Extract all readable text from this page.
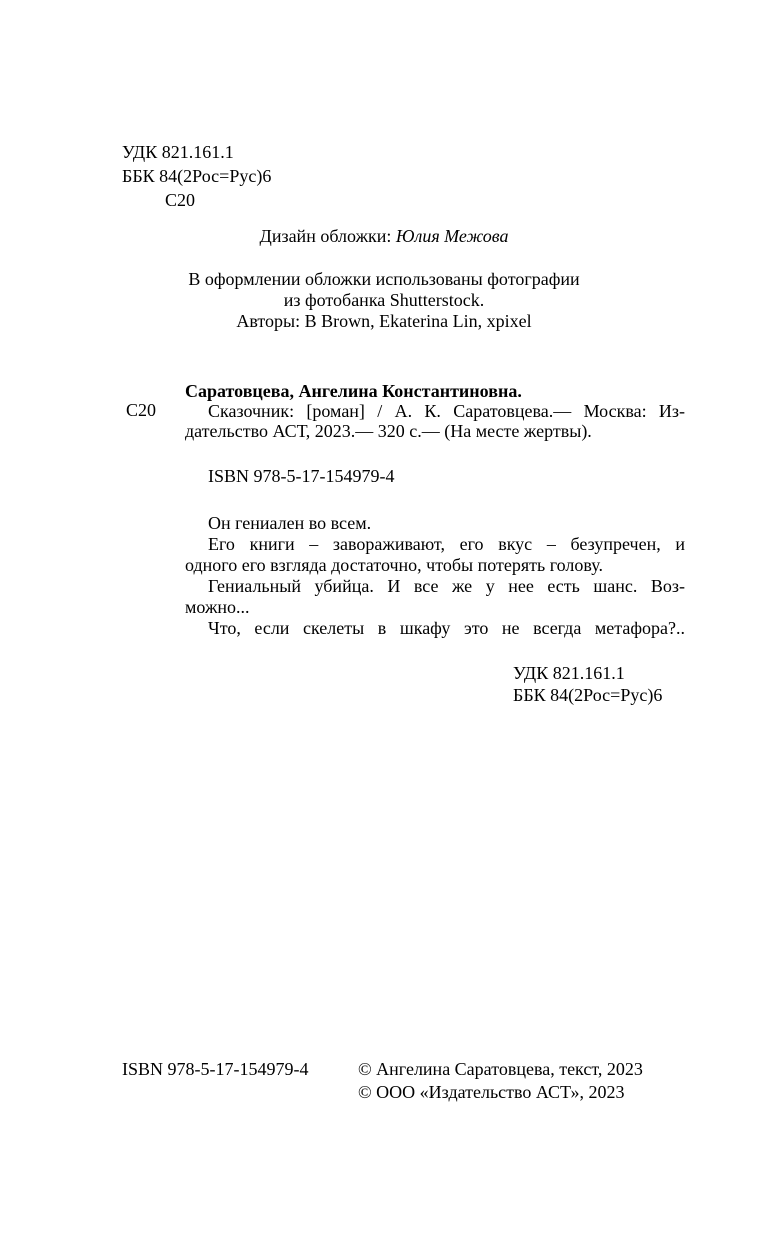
УДК 821.161.1
ББК 84(2Рос=Рус)6
С20
Дизайн обложки: Юлия Межова
В оформлении обложки использованы фотографии
из фотобанка Shutterstock.
Авторы: B Brown, Ekaterina Lin, xpixel
С20
Саратовцева, Ангелина Константиновна.
Сказочник: [роман] / А. К. Саратовцева.— Москва: Из-
дательство АСТ, 2023.— 320 с.— (На месте жертвы).
ISBN 978-5-17-154979-4
Он гениален во всем.
Его книги – завораживают, его вкус – безупречен, и
одного его взгляда достаточно, чтобы потерять голову.
Гениальный убийца. И все же у нее есть шанс. Воз-
можно...
Что, если скелеты в шкафу это не всегда метафора?..
УДК 821.161.1
ББК 84(2Рос=Рус)6
ISBN 978-5-17-154979-4	© Ангелина Саратовцева, текст, 2023
© ООО «Издательство АСТ», 2023
